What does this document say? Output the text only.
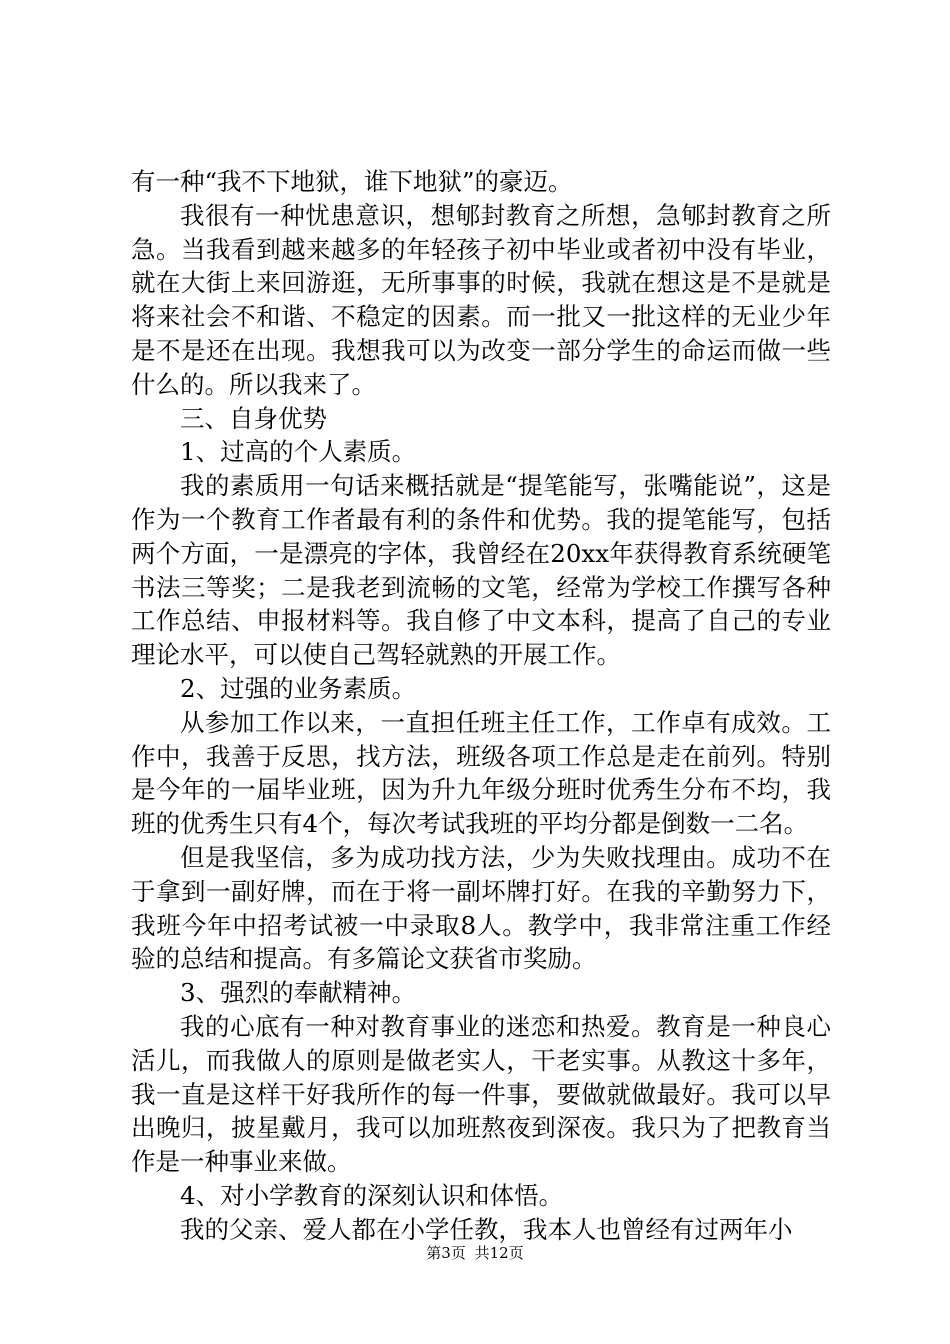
有一种“我不下地狱，谁下地狱”的豪迈。

我很有一种忧患意识，想郇封教育之所想，急郇封教育之所急。当我看到越来越多的年轻孩子初中毕业或者初中没有毕业，就在大街上来回游逛，无所事事的时候，我就在想这是不是就是将来社会不和谐、不稳定的因素。而一批又一批这样的无业少年是不是还在出现。我想我可以为改变一部分学生的命运而做一些什么的。所以我来了。

三、自身优势

1、过高的个人素质。

我的素质用一句话来概括就是“提笔能写，张嘴能说”，这是作为一个教育工作者最有利的条件和优势。我的提笔能写，包括两个方面，一是漂亮的字体，我曾经在20xx年获得教育系统硬笔书法三等奖；二是我老到流畅的文笔，经常为学校工作撰写各种工作总结、申报材料等。我自修了中文本科，提高了自己的专业理论水平，可以使自己驾轻就熟的开展工作。

2、过强的业务素质。

从参加工作以来，一直担任班主任工作，工作卓有成效。工作中，我善于反思，找方法，班级各项工作总是走在前列。特别是今年的一届毕业班，因为升九年级分班时优秀生分布不均，我班的优秀生只有4个，每次考试我班的平均分都是倒数一二名。

但是我坚信，多为成功找方法，少为失败找理由。成功不在于拿到一副好牌，而在于将一副坏牌打好。在我的辛勤努力下，我班今年中招考试被一中录取8人。教学中，我非常注重工作经验的总结和提高。有多篇论文获省市奖励。

3、强烈的奉献精神。

我的心底有一种对教育事业的迷恋和热爱。教育是一种良心活儿，而我做人的原则是做老实人，干老实事。从教这十多年，我一直是这样干好我所作的每一件事，要做就做最好。我可以早出晚归，披星戴月，我可以加班熬夜到深夜。我只为了把教育当作是一种事业来做。

4、对小学教育的深刻认识和体悟。

我的父亲、爱人都在小学任教，我本人也曾经有过两年小

第3页 共12页
